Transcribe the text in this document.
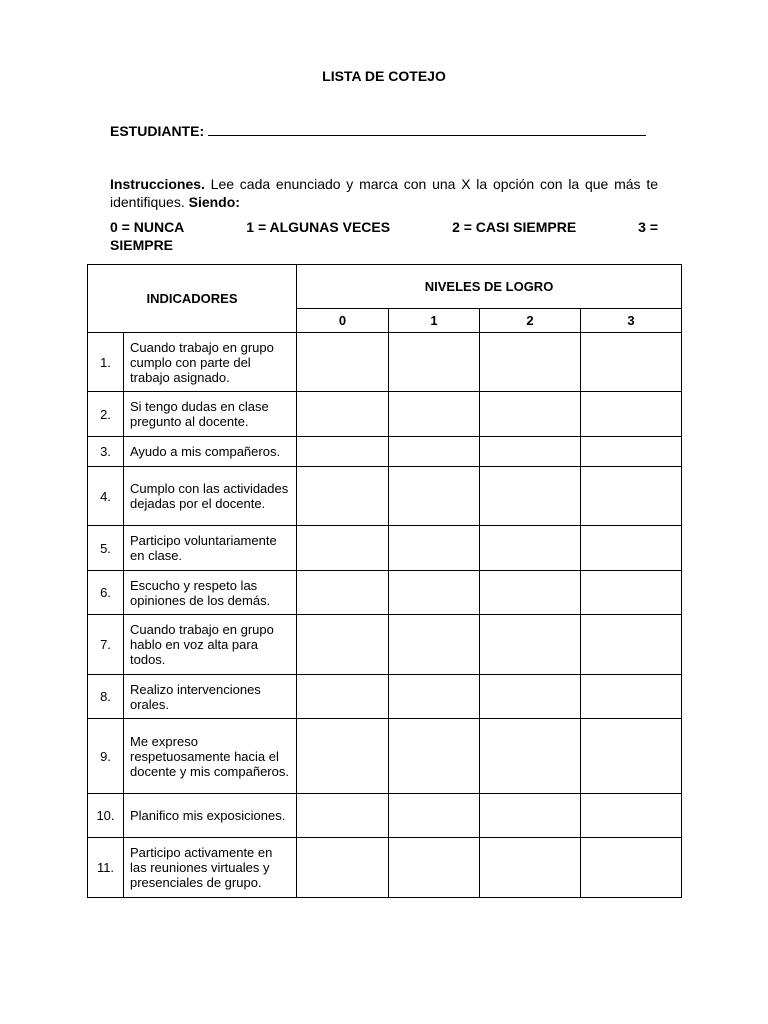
LISTA DE COTEJO
ESTUDIANTE:
Instrucciones. Lee cada enunciado y marca con una X la opción con la que más te identifiques. Siendo:
0 = NUNCA	1 = ALGUNAS VECES	2 = CASI SIEMPRE	3 =
SIEMPRE
INDICADORES		NIVELES DE LOGRO			
		0	1	2	3
1.	Cuando trabajo en grupo cumplo con parte del trabajo asignado.				
2.	Si tengo dudas en clase pregunto al docente.				
3.	Ayudo a mis compañeros.				
4.	Cumplo con las actividades dejadas por el docente.				
5.	Participo voluntariamente en clase.				
6.	Escucho y respeto las opiniones de los demás.				
7.	Cuando trabajo en grupo hablo en voz alta para todos.				
8.	Realizo intervenciones orales.				
9.	Me expreso respetuosamente hacia el docente y mis compañeros.				
10.	Planifico mis exposiciones.				
11.	Participo activamente en las reuniones virtuales y presenciales de grupo.				
